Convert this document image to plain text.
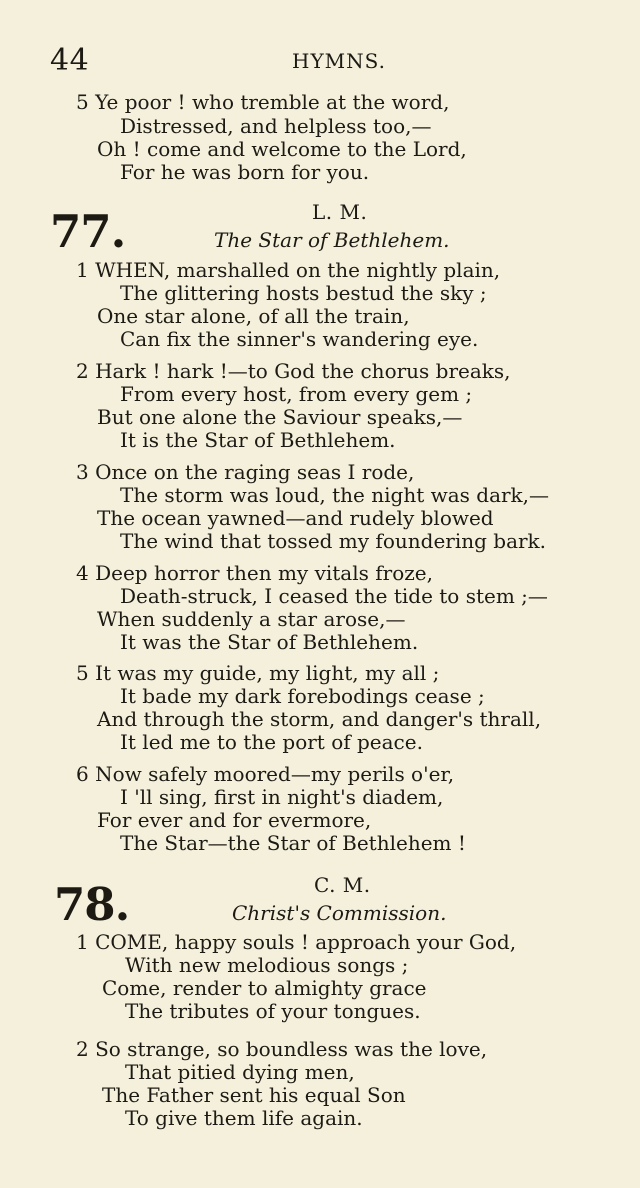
44	HYMNS.
5 Ye poor ! who tremble at the word,
Distressed, and helpless too,—
Oh ! come and welcome to the Lord,
For he was born for you.
77.	L. M.
The Star of Bethlehem.
1 WHEN, marshalled on the nightly plain,
The glittering hosts bestud the sky ;
One star alone, of all the train,
Can fix the sinner's wandering eye.
2 Hark ! hark !—to God the chorus breaks,
From every host, from every gem ;
But one alone the Saviour speaks,—
It is the Star of Bethlehem.
3 Once on the raging seas I rode,
The storm was loud, the night was dark,—
The ocean yawned—and rudely blowed
The wind that tossed my foundering bark.
4 Deep horror then my vitals froze,
Death-struck, I ceased the tide to stem ;—
When suddenly a star arose,—
It was the Star of Bethlehem.
5 It was my guide, my light, my all ;
It bade my dark forebodings cease ;
And through the storm, and danger's thrall,
It led me to the port of peace.
6 Now safely moored—my perils o'er,
I 'll sing, first in night's diadem,
For ever and for evermore,
The Star—the Star of Bethlehem !
78.	C. M.
Christ's Commission.
1 COME, happy souls ! approach your God,
With new melodious songs ;
Come, render to almighty grace
The tributes of your tongues.
2 So strange, so boundless was the love,
That pitied dying men,
The Father sent his equal Son
To give them life again.
